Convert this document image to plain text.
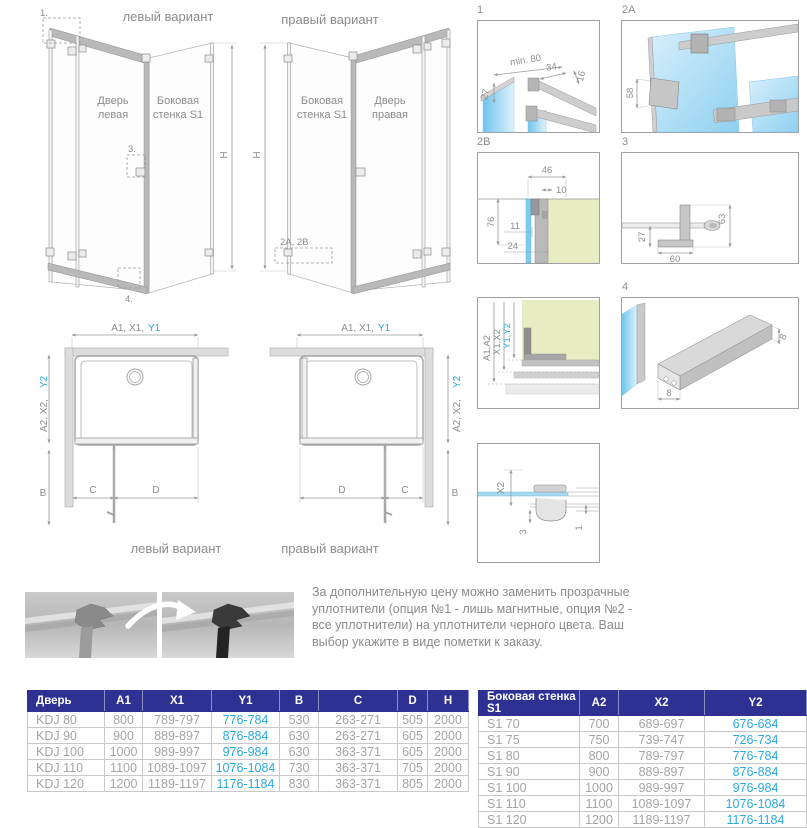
левый вариант
1.
3.
4.
H
Дверь
левая
Боковая
стенка S1
правый вариант
2A, 2B
H
Боковая
стенка S1
Дверь
правая
A1, X1, Y1
A2, X2,
Y2
B	C	D
левый вариант
A1, X1, Y1
A2, X2,
Y2
B
D	C
правый вариант
1	2A
2B	3
4
min. 80 34
16
27	58
46
10
76 11
24
63
27
60
A1,A2 X1,X2 Y1,Y2
8
8
X2
3
1
За дополнительную цену можно заменить прозрачные уплотнители (опция №1 - лишь магнитные, опция №2 - все уплотнители) на уплотнители черного цвета. Ваш выбор укажите в виде пометки к заказу.
Дверь	A1	X1	Y1	B	C	D	H
KDJ 80	800	789-797	776-784	530	263-271	505	2000
KDJ 90	900	889-897	876-884	630	263-271	605	2000
KDJ 100	1000	989-997	976-984	630	363-371	605	2000
KDJ 110	1100	1089-1097	1076-1084	730	363-371	705	2000
KDJ 120	1200	1189-1197	1176-1184	830	363-371	805	2000
Боковая стенка S1	A2	X2	Y2
S1 70	700	689-697	676-684
S1 75	750	739-747	726-734
S1 80	800	789-797	776-784
S1 90	900	889-897	876-884
S1 100	1000	989-997	976-984
S1 110	1100	1089-1097	1076-1084
S1 120	1200	1189-1197	1176-1184
